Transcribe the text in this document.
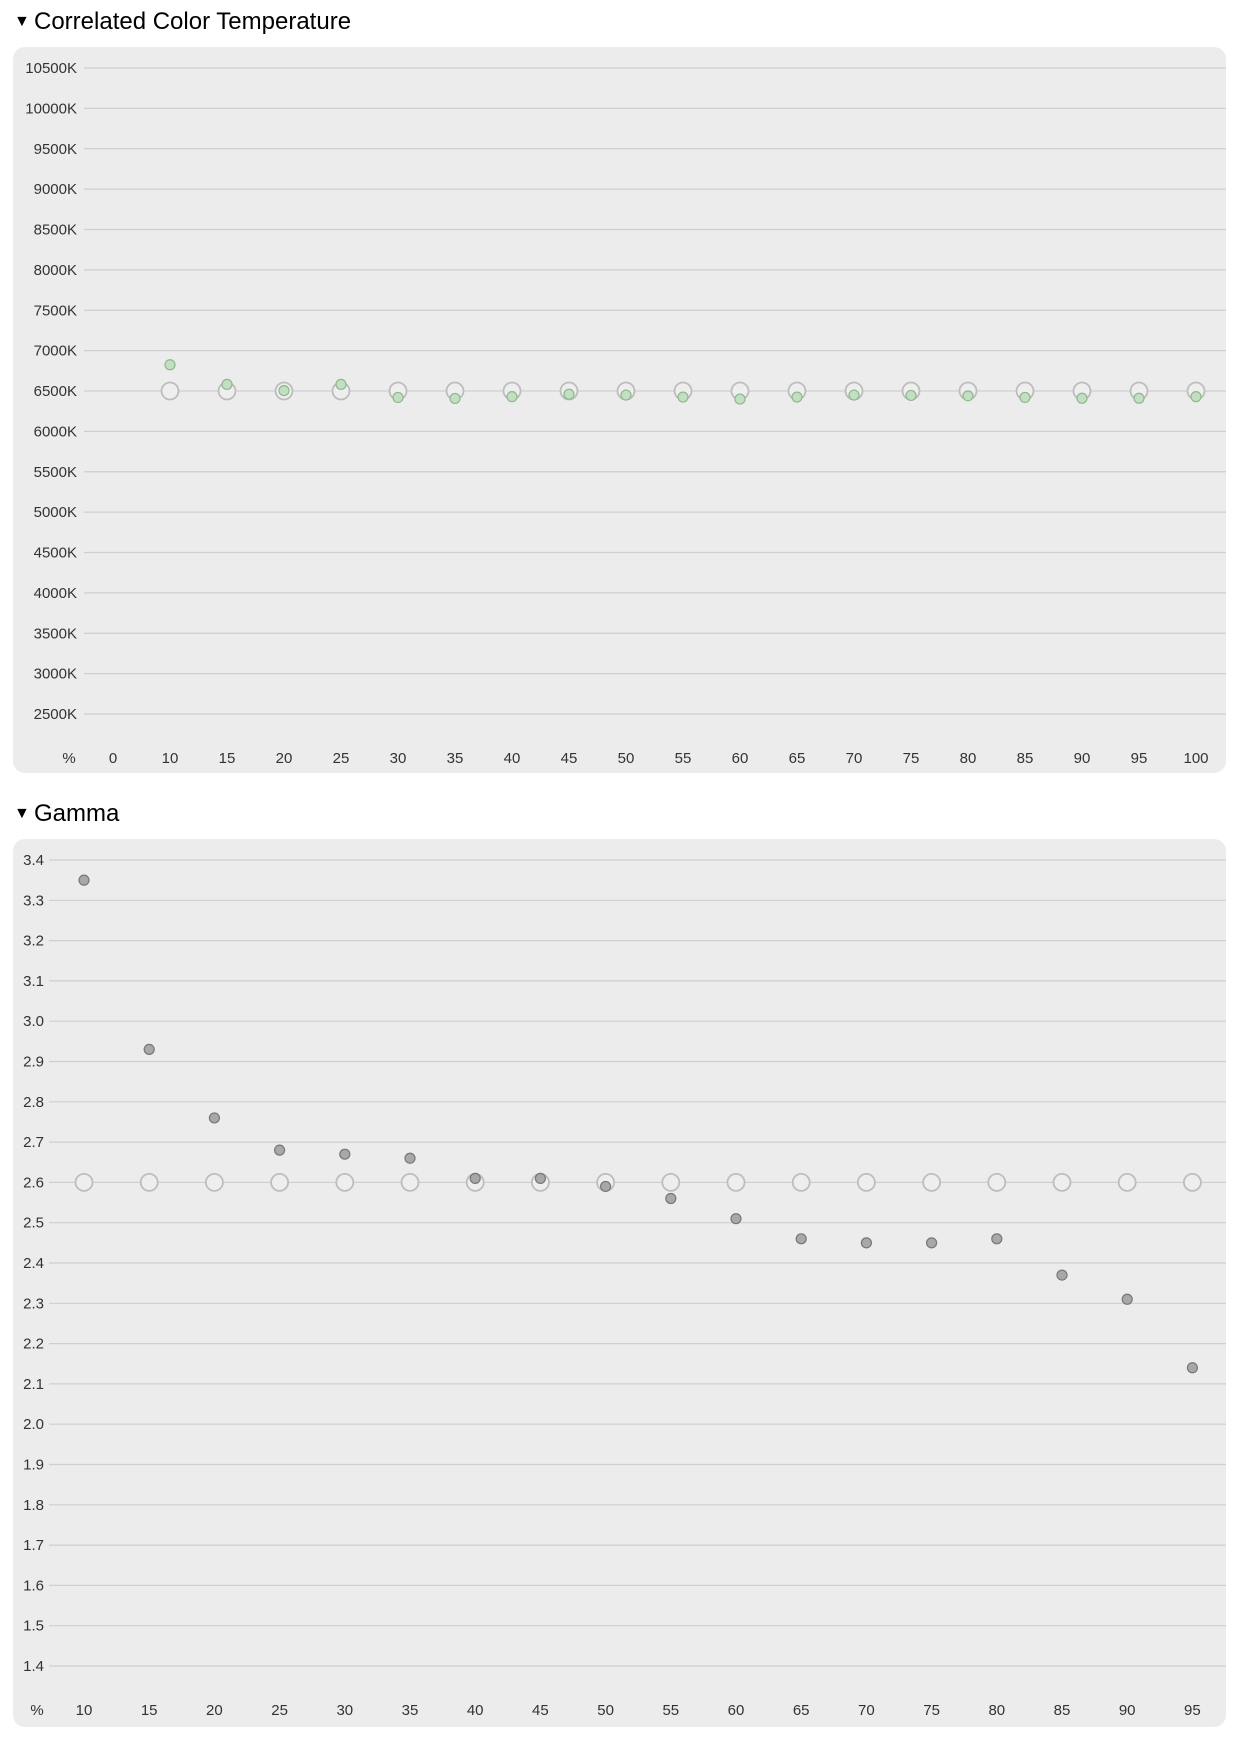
▼ Correlated Color Temperature
10500K
10000K
9500K
9000K
8500K
8000K
7500K
7000K
6500K
6000K
5500K
5000K
4500K
4000K
3500K
3000K
2500K
% 0	10	15	20	25	30	35	40	45	50	55	60	65	70	75	80	85	90	95 100
▼ Gamma
3.4
3.3
3.2
3.1
3.0
2.9
2.8
2.7
2.6
2.5
2.4
2.3
2.2
2.1
2.0
1.9
1.8
1.7
1.6
1.5
1.4
% 10	15	20	25	30	35	40	45	50	55	60	65	70	75	80	85	90	95
